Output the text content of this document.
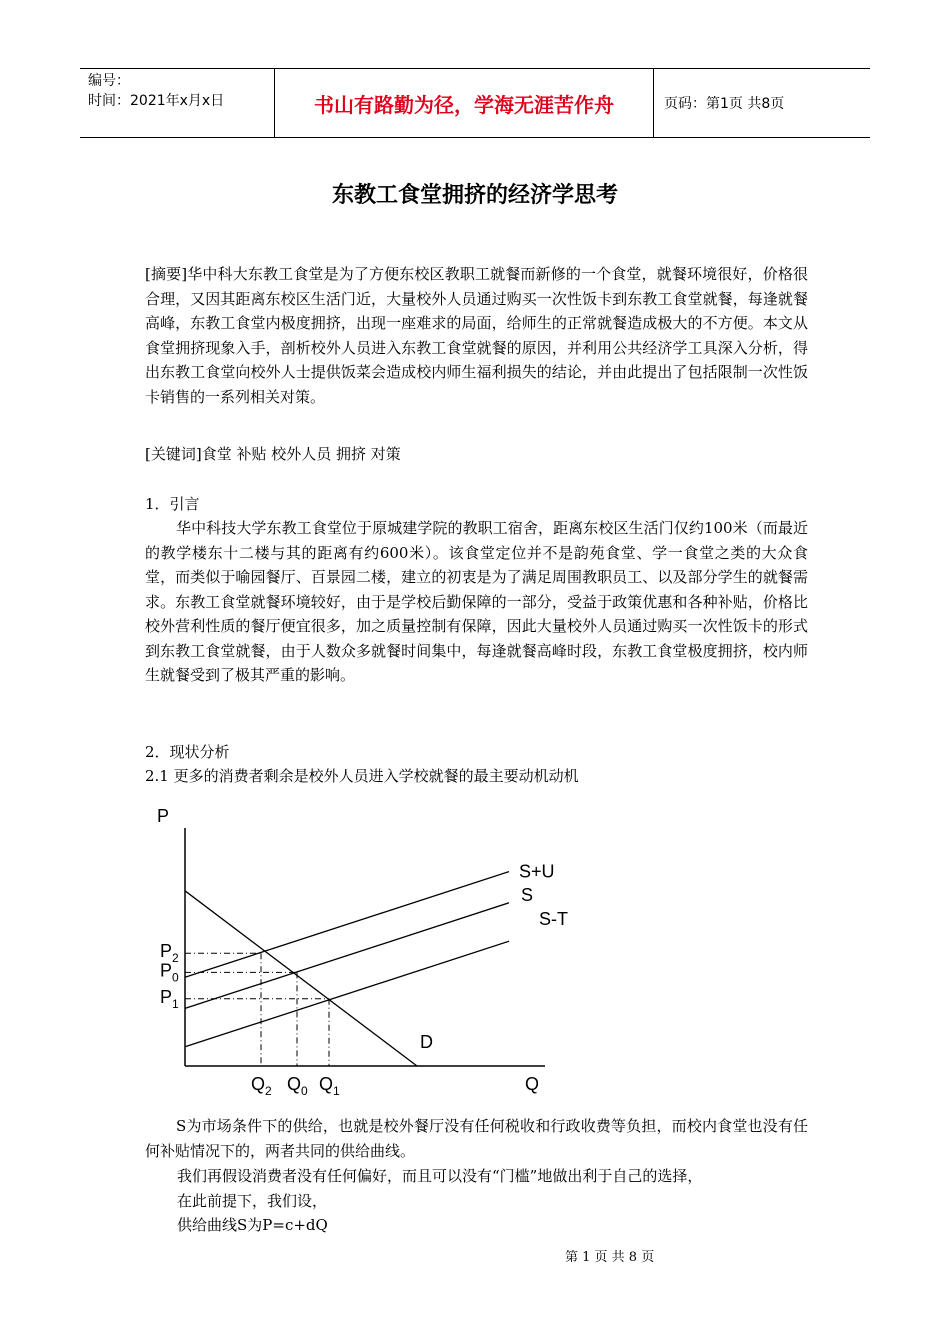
编号：
时间：2021年x月x日	书山有路勤为径，学海无涯苦作舟	页码：第1页 共8页
东教工食堂拥挤的经济学思考

[摘要]华中科大东教工食堂是为了方便东校区教职工就餐而新修的一个食堂，就餐环境很好，价格很合理，又因其距离东校区生活门近，大量校外人员通过购买一次性饭卡到东教工食堂就餐，每逢就餐高峰，东教工食堂内极度拥挤，出现一座难求的局面，给师生的正常就餐造成极大的不方便。本文从食堂拥挤现象入手，剖析校外人员进入东教工食堂就餐的原因，并利用公共经济学工具深入分析，得出东教工食堂向校外人士提供饭菜会造成校内师生福利损失的结论，并由此提出了包括限制一次性饭卡销售的一系列相关对策。

[关键词]食堂 补贴 校外人员 拥挤 对策

1．引言

华中科技大学东教工食堂位于原城建学院的教职工宿舍，距离东校区生活门仅约100米（而最近的教学楼东十二楼与其的距离有约600米）。该食堂定位并不是韵苑食堂、学一食堂之类的大众食堂，而类似于喻园餐厅、百景园二楼，建立的初衷是为了满足周围教职员工、以及部分学生的就餐需求。东教工食堂就餐环境较好，由于是学校后勤保障的一部分，受益于政策优惠和各种补贴，价格比校外营利性质的餐厅便宜很多，加之质量控制有保障，因此大量校外人员通过购买一次性饭卡的形式到东教工食堂就餐，由于人数众多就餐时间集中，每逢就餐高峰时段，东教工食堂极度拥挤，校内师生就餐受到了极其严重的影响。

2．现状分析

2.1 更多的消费者剩余是校外人员进入学校就餐的最主要动机动机

P
Q
S+U
S
S-T
D
$P_2$
$P_0$
$P_1$
$Q_2$ $Q_0$ $Q_1$

S为市场条件下的供给，也就是校外餐厅没有任何税收和行政收费等负担，而校内食堂也没有任何补贴情况下的，两者共同的供给曲线。

我们再假设消费者没有任何偏好，而且可以没有“门槛”地做出利于自己的选择，

在此前提下，我们设，

供给曲线S为P=c+dQ

第 1 页 共 8 页
